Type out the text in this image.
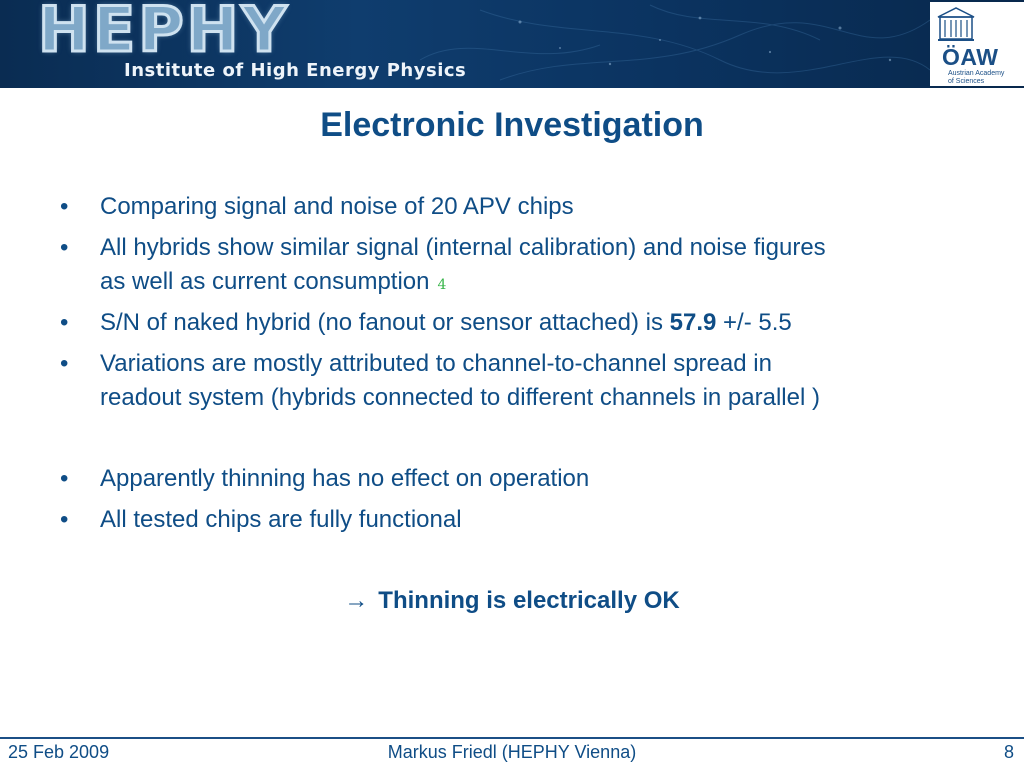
HEPHY
Institute of High Energy Physics
ÖAW
Austrian Academy
of Sciences
Electronic Investigation
•	Comparing signal and noise of 20 APV chips
•	All hybrids show similar signal (internal calibration) and noise figures
as well as current consumption 4
•	S/N of naked hybrid (no fanout or sensor attached) is 57.9 +/- 5.5
•	Variations are mostly attributed to channel-to-channel spread in
readout system (hybrids connected to different channels in parallel )
•	Apparently thinning has no effect on operation
•	All tested chips are fully functional
→ Thinning is electrically OK
25 Feb 2009	Markus Friedl (HEPHY Vienna)	8
